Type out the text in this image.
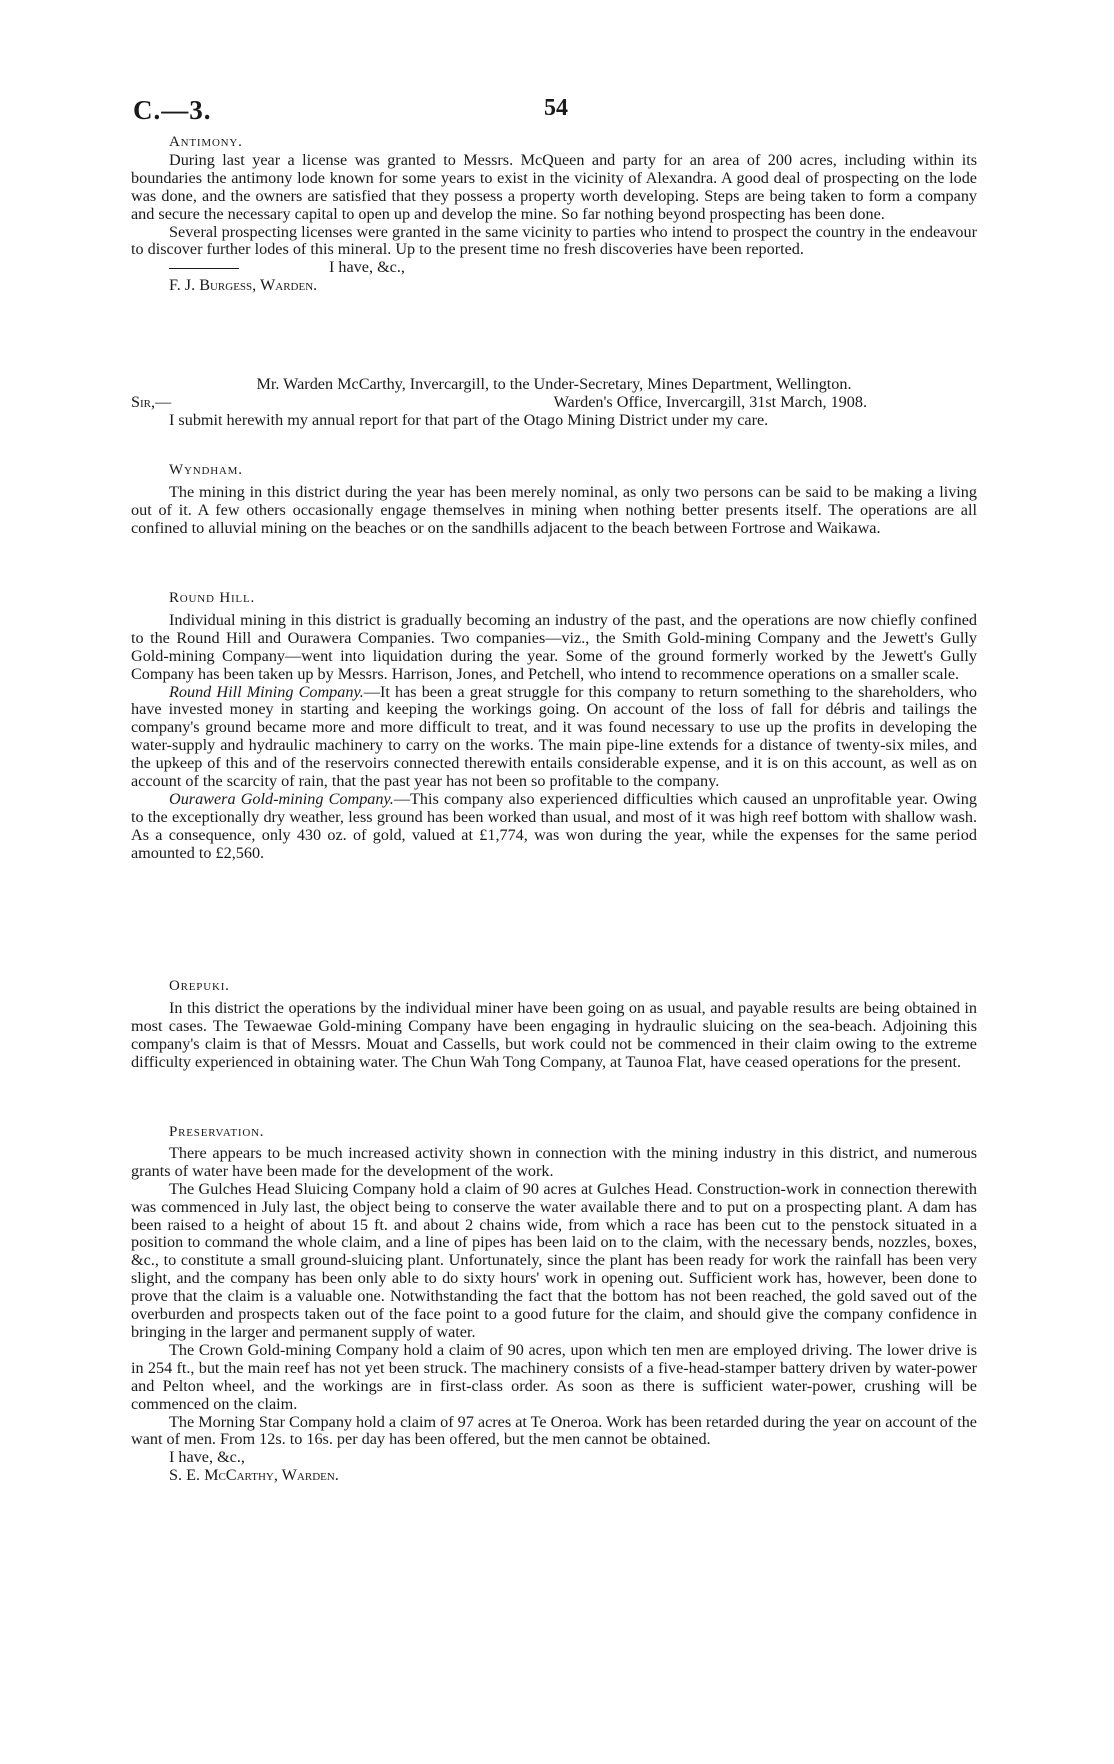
C.—3.	54

Antimony.

During last year a license was granted to Messrs. McQueen and party for an area of 200 acres, including within its boundaries the antimony lode known for some years to exist in the vicinity of Alexandra. A good deal of prospecting on the lode was done, and the owners are satisfied that they possess a property worth developing. Steps are being taken to form a company and secure the necessary capital to open up and develop the mine. So far nothing beyond prospecting has been done.

Several prospecting licenses were granted in the same vicinity to parties who intend to prospect the country in the endeavour to discover further lodes of this mineral. Up to the present time no fresh discoveries have been reported.

I have, &c.,

F. J. Burgess, Warden.

Mr. Warden McCarthy, Invercargill, to the Under-Secretary, Mines Department, Wellington.

Sir,—	Warden's Office, Invercargill, 31st March, 1908.

I submit herewith my annual report for that part of the Otago Mining District under my care.

Wyndham.

The mining in this district during the year has been merely nominal, as only two persons can be said to be making a living out of it. A few others occasionally engage themselves in mining when nothing better presents itself. The operations are all confined to alluvial mining on the beaches or on the sandhills adjacent to the beach between Fortrose and Waikawa.

Round Hill.

Individual mining in this district is gradually becoming an industry of the past, and the operations are now chiefly confined to the Round Hill and Ourawera Companies. Two companies—viz., the Smith Gold-mining Company and the Jewett's Gully Gold-mining Company—went into liquidation during the year. Some of the ground formerly worked by the Jewett's Gully Company has been taken up by Messrs. Harrison, Jones, and Petchell, who intend to recommence operations on a smaller scale.

Round Hill Mining Company.—It has been a great struggle for this company to return something to the shareholders, who have invested money in starting and keeping the workings going. On account of the loss of fall for débris and tailings the company's ground became more and more difficult to treat, and it was found necessary to use up the profits in developing the water-supply and hydraulic machinery to carry on the works. The main pipe-line extends for a distance of twenty-six miles, and the upkeep of this and of the reservoirs connected therewith entails considerable expense, and it is on this account, as well as on account of the scarcity of rain, that the past year has not been so profitable to the company.

Ourawera Gold-mining Company.—This company also experienced difficulties which caused an unprofitable year. Owing to the exceptionally dry weather, less ground has been worked than usual, and most of it was high reef bottom with shallow wash. As a consequence, only 430 oz. of gold, valued at £1,774, was won during the year, while the expenses for the same period amounted to £2,560.

Orepuki.

In this district the operations by the individual miner have been going on as usual, and payable results are being obtained in most cases. The Tewaewae Gold-mining Company have been engaging in hydraulic sluicing on the sea-beach. Adjoining this company's claim is that of Messrs. Mouat and Cassells, but work could not be commenced in their claim owing to the extreme difficulty experienced in obtaining water. The Chun Wah Tong Company, at Taunoa Flat, have ceased operations for the present.

Preservation.

There appears to be much increased activity shown in connection with the mining industry in this district, and numerous grants of water have been made for the development of the work.

The Gulches Head Sluicing Company hold a claim of 90 acres at Gulches Head. Construction-work in connection therewith was commenced in July last, the object being to conserve the water available there and to put on a prospecting plant. A dam has been raised to a height of about 15 ft. and about 2 chains wide, from which a race has been cut to the penstock situated in a position to command the whole claim, and a line of pipes has been laid on to the claim, with the necessary bends, nozzles, boxes, &c., to constitute a small ground-sluicing plant. Unfortunately, since the plant has been ready for work the rainfall has been very slight, and the company has been only able to do sixty hours' work in opening out. Sufficient work has, however, been done to prove that the claim is a valuable one. Notwithstanding the fact that the bottom has not been reached, the gold saved out of the overburden and prospects taken out of the face point to a good future for the claim, and should give the company confidence in bringing in the larger and permanent supply of water.

The Crown Gold-mining Company hold a claim of 90 acres, upon which ten men are employed driving. The lower drive is in 254 ft., but the main reef has not yet been struck. The machinery consists of a five-head-stamper battery driven by water-power and Pelton wheel, and the workings are in first-class order. As soon as there is sufficient water-power, crushing will be commenced on the claim.

The Morning Star Company hold a claim of 97 acres at Te Oneroa. Work has been retarded during the year on account of the want of men. From 12s. to 16s. per day has been offered, but the men cannot be obtained.

I have, &c.,

S. E. McCarthy, Warden.
